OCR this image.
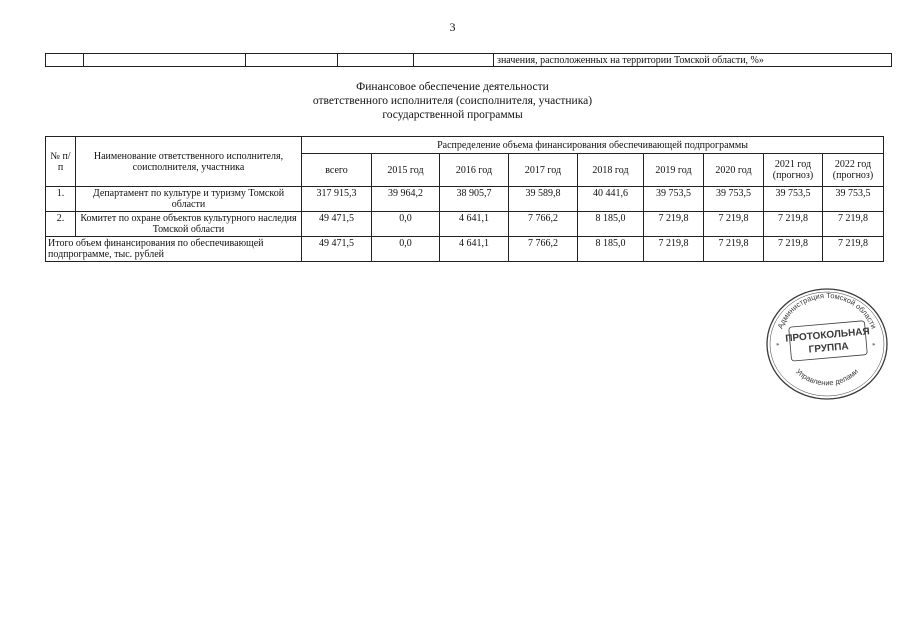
3
					значения, расположенных на территории Томской области, %»
Финансовое обеспечение деятельности
ответственного исполнителя (соисполнителя, участника)
государственной программы
№ п/п	Наименование ответственного исполнителя, соисполнителя, участника	Распределение объема финансирования обеспечивающей подпрограммы								
		всего	2015 год	2016 год	2017 год	2018 год	2019 год	2020 год	2021 год (прогноз)	2022 год (прогноз)
1.	Департамент по культуре и туризму Томской области	317 915,3	39 964,2	38 905,7	39 589,8	40 441,6	39 753,5	39 753,5	39 753,5	39 753,5
2.	Комитет по охране объектов культурного наследия Томской области	49 471,5	0,0	4 641,1	7 766,2	8 185,0	7 219,8	7 219,8	7 219,8	7 219,8
Итого объем финансирования по обеспечивающей подпрограмме, тыс. рублей		49 471,5	0,0	4 641,1	7 766,2	8 185,0	7 219,8	7 219,8	7 219,8	7 219,8
Администрация Томской области
Управление делами
*	*
ПРОТОКОЛЬНАЯ
ГРУППА
